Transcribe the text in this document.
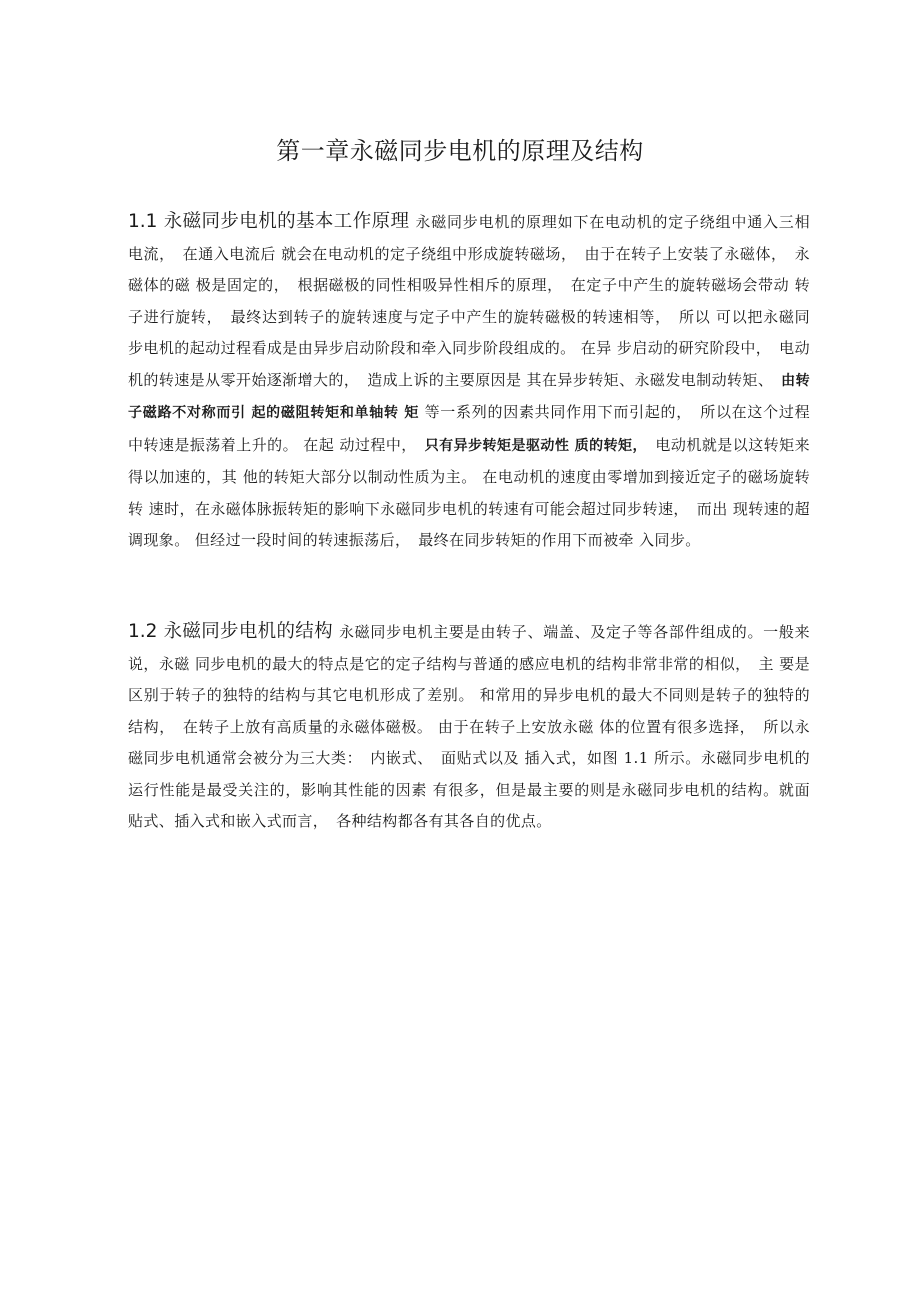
第一章永磁同步电机的原理及结构

1.1 永磁同步电机的基本工作原理 永磁同步电机的原理如下在电动机的定子绕组中通入三相电流，　在通入电流后 就会在电动机的定子绕组中形成旋转磁场，　由于在转子上安装了永磁体，　永磁体的磁 极是固定的，　根据磁极的同性相吸异性相斥的原理，　在定子中产生的旋转磁场会带动 转子进行旋转，　最终达到转子的旋转速度与定子中产生的旋转磁极的转速相等，　所以 可以把永磁同步电机的起动过程看成是由异步启动阶段和牵入同步阶段组成的。 在异 步启动的研究阶段中，　电动机的转速是从零开始逐渐增大的，　造成上诉的主要原因是 其在异步转矩、永磁发电制动转矩、　由转子磁路不对称而引 起的磁阻转矩和单轴转 矩 等一系列的因素共同作用下而引起的，　所以在这个过程中转速是振荡着上升的。 在起 动过程中，　只有异步转矩是驱动性 质的转矩，　电动机就是以这转矩来得以加速的，其 他的转矩大部分以制动性质为主。 在电动机的速度由零增加到接近定子的磁场旋转转 速时，在永磁体脉振转矩的影响下永磁同步电机的转速有可能会超过同步转速，　而出 现转速的超调现象。 但经过一段时间的转速振荡后，　最终在同步转矩的作用下而被牵 入同步。

1.2 永磁同步电机的结构 永磁同步电机主要是由转子、端盖、及定子等各部件组成的。一般来说，永磁 同步电机的最大的特点是它的定子结构与普通的感应电机的结构非常非常的相似，　主 要是区别于转子的独特的结构与其它电机形成了差别。 和常用的异步电机的最大不同则是转子的独特的结构，　在转子上放有高质量的永磁体磁极。 由于在转子上安放永磁 体的位置有很多选择，　所以永磁同步电机通常会被分为三大类：　内嵌式、　面贴式以及 插入式，如图 1.1 所示。永磁同步电机的运行性能是最受关注的，影响其性能的因素 有很多，但是最主要的则是永磁同步电机的结构。就面贴式、插入式和嵌入式而言，　各种结构都各有其各自的优点。
